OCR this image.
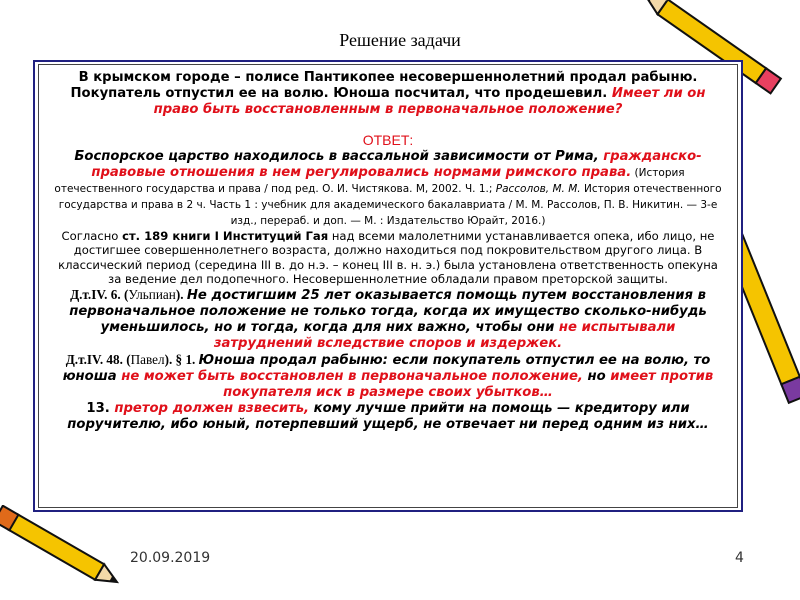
Решение задачи

В крымском городе – полисе Пантикопее несовершеннолетний продал рабыню. Покупатель отпустил ее на волю. Юноша посчитал, что продешевил. Имеет ли он право быть восстановленным в первоначальное положение?

ОТВЕТ:

Боспорское царство находилось в вассальной зависимости от Рима, гражданско-правовые отношения в нем регулировались нормами римского права. (История отечественного государства и права / под ред. О. И. Чистякова. М, 2002. Ч. 1.; Рассолов, М. М. История отечественного государства и права в 2 ч. Часть 1 : учебник для академического бакалавриата / М. М. Рассолов, П. В. Никитин. — 3-е изд., перераб. и доп. — М. : Издательство Юрайт, 2016.)

Согласно ст. 189 книги I Институций Гая над всеми малолетними устанавливается опека, ибо лицо, не достигшее совершеннолетнего возраста, должно находиться под покровительством другого лица. В классический период (середина III в. до н.э. – конец III в. н. э.) была установлена ответственность опекуна за ведение дел подопечного. Несовершеннолетние обладали правом преторской защиты.

Д.т.IV. 6. (Ульпиан). Не достигшим 25 лет оказывается помощь путем восстановления в первоначальное положение не только тогда, когда их имущество сколько-нибудь уменьшилось, но и тогда, когда для них важно, чтобы они не испытывали затруднений вследствие споров и издержек.

Д.т.IV. 48. (Павел). § 1. Юноша продал рабыню: если покупатель отпустил ее на волю, то юноша не может быть восстановлен в первоначальное положение, но имеет против покупателя иск в размере своих убытков…

13. претор должен взвесить, кому лучше прийти на помощь — кредитору или поручителю, ибо юный, потерпевший ущерб, не отвечает ни перед одним из них…

20.09.2019	4
